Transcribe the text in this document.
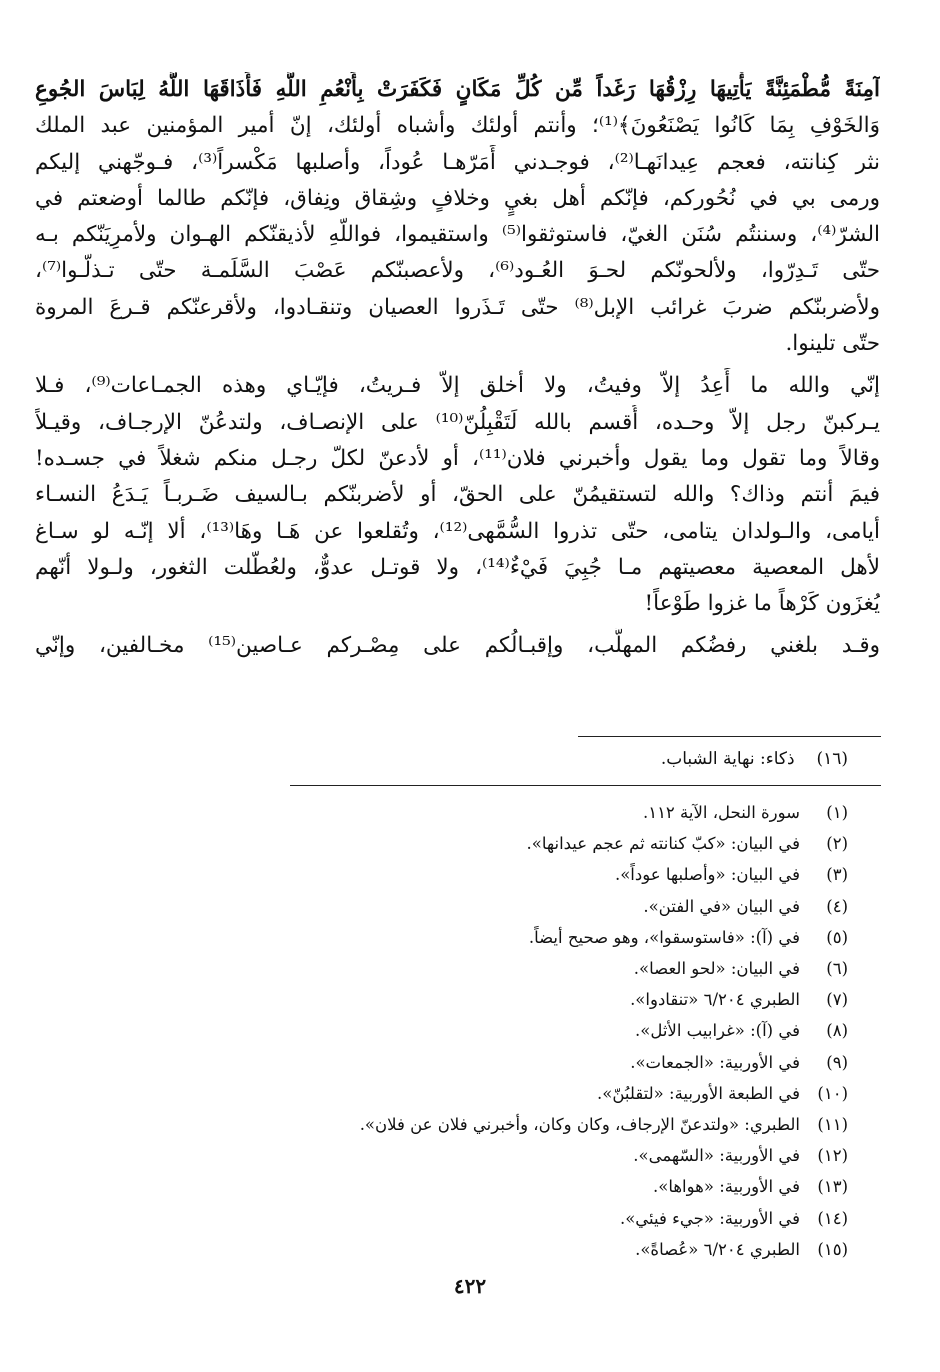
آمِنَةً مُّطْمَئِنَّةً يَأْتِيهَا رِزْقُهَا رَغَداً مِّن كُلِّ مَكَانٍ فَكَفَرَتْ بِأَنْعُمِ اللَّهِ فَأَذَاقَهَا اللَّهُ لِبَاسَ الجُوعِ
وَالخَوْفِ بِمَا كَانُوا يَصْنَعُونَ﴾⁽¹⁾؛ وأنتم أولئك وأشباه أولئك، إنّ أمير المؤمنين عبد الملك
نثر كِنانته، فعجم عِيدانَهـا⁽²⁾، فوجـدني أَمَرّهـا عُوداً، وأصلبها مَكْسراً⁽³⁾، فـوجّهني إليكم
ورمى بي في نُحُوركم، فإنّكم أهل بغيٍ وخلافٍ وشِقاق ونِفاق، فإنّكم طالما أوضعتم في
الشرّ⁽⁴⁾، وسننتُم سُنَن الغيّ، فاستوثقوا⁽⁵⁾ واستقيموا، فواللّهِ لأذيقنّكم الهـوان ولأمرِيَنّكم بـه
حتّى تَـدِرّوا، ولألحونّكم لحـوَ العُـود⁽⁶⁾، ولأعصبنّكم عَصْبَ السَّلَمـة حتّى تـذلّـوا⁽⁷⁾،
ولأضربنّكم ضربَ غرائب الإبل⁽⁸⁾ حتّى تَـذَروا العصيان وتنقـادوا، ولأقرعنّكم قـرعَ المروة
حتّى تلينوا.

إنّي والله ما أَعِدُ إلاّ وفيتُ، ولا أخلق إلاّ فـريتُ، فإيّـاي وهذه الجمـاعات⁽⁹⁾، فـلا
يـركبنّ رجل إلاّ وحـده، أُقسم بالله لَتَقْبِلُنّ⁽¹⁰⁾ على الإنصـاف، ولتدعُنّ الإرجـاف، وقيـلاً
وقالاً وما تقول وما يقول وأخبرني فلان⁽¹¹⁾، أو لأدعنّ لكلّ رجـل منكم شغلاً في جسـده!
فيمَ أنتم وذاك؟ والله لتستقيمُنّ على الحقّ، أو لأضربنّكم بـالسيف ضَـربـاً يَـدَعُ النسـاء
أيامى، والـولدان يتامى، حتّى تذروا السُّمَّهى⁽¹²⁾، وتُقلعوا عن هَـا وهَا⁽¹³⁾، ألا إنّـه لو سـاغ
لأهل المعصية معصيتهم مـا جُبِيَ فَيْءٌ⁽¹⁴⁾، ولا قوتـل عدوٌّ، ولعُطّلت الثغور، ولـولا أنّهم
يُغزَون كَرْهاً ما غزوا طَوْعاً!

وقـد بلغني رفضُكم المهلَّب، وإقبـالُكم على مِصْـركم عـاصين⁽¹⁵⁾ مخـالفين، وإنّي

(١٦) ذكاء: نهاية الشباب.
(١)سورة النحل، الآية ١١٢.
(٢)في البيان: «كبّ كنانته ثم عجم عيدانها».
(٣)في البيان: «وأصلبها عوداً».
(٤)في البيان «في الفتن».
(٥)في (آ): «فاستوسقوا»، وهو صحيح أيضاً.
(٦)في البيان: «لحو العصا».
(٧)الطبري ٦/٢٠٤ «تنقادوا».
(٨)في (آ): «غرابيب الأثل».
(٩)في الأوربية: «الجمعات».
(١٠)في الطبعة الأوربية: «لتقلبُنّ».
(١١)الطبري: «ولتدعنّ الإرجاف، وكان وكان، وأخبرني فلان عن فلان».
(١٢)في الأوربية: «السّهمى».
(١٣)في الأوربية: «هواها».
(١٤)في الأوربية: «جيء فيئي».
(١٥)الطبري ٦/٢٠٤ «عُصاةً».
٤٢٢
